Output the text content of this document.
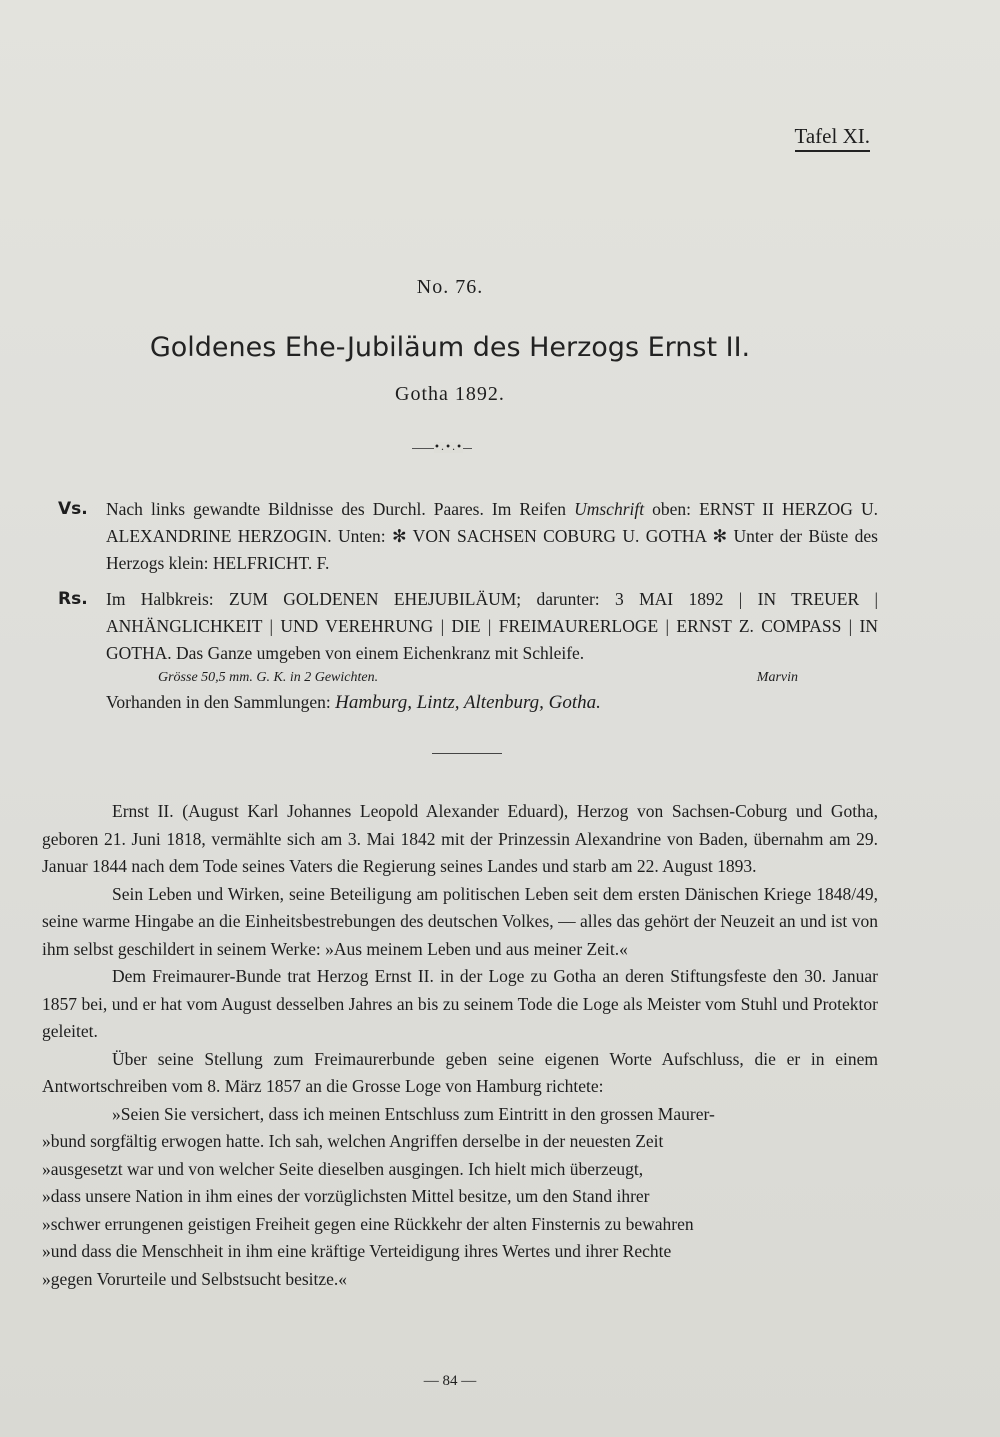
Tafel XI.
No. 76.
Goldenes Ehe-Jubiläum des Herzogs Ernst II.
Gotha 1892.
•.•.•
Vs. Nach links gewandte Bildnisse des Durchl. Paares. Im Reifen Umschrift oben: ERNST II HERZOG U. ALEXANDRINE HERZOGIN. Unten: ✻ VON SACHSEN COBURG U. GOTHA ✻ Unter der Büste des Herzogs klein: HELFRICHT. F.
Rs. Im Halbkreis: ZUM GOLDENEN EHEJUBILÄUM; darunter: 3 MAI 1892 | IN TREUER | ANHÄNGLICHKEIT | UND VEREHRUNG | DIE | FREIMAURERLOGE | ERNST Z. COMPASS | IN GOTHA. Das Ganze umgeben von einem Eichenkranz mit Schleife.
Grösse 50,5 mm. G. K. in 2 Gewichten.	Marvin
Vorhanden in den Sammlungen: Hamburg, Lintz, Altenburg, Gotha.

Ernst II. (August Karl Johannes Leopold Alexander Eduard), Herzog von Sachsen-Coburg und Gotha, geboren 21. Juni 1818, vermählte sich am 3. Mai 1842 mit der Prinzessin Alexandrine von Baden, übernahm am 29. Januar 1844 nach dem Tode seines Vaters die Regierung seines Landes und starb am 22. August 1893.

Sein Leben und Wirken, seine Beteiligung am politischen Leben seit dem ersten Dänischen Kriege 1848/49, seine warme Hingabe an die Einheitsbestrebungen des deutschen Volkes, — alles das gehört der Neuzeit an und ist von ihm selbst geschildert in seinem Werke: »Aus meinem Leben und aus meiner Zeit.«

Dem Freimaurer-Bunde trat Herzog Ernst II. in der Loge zu Gotha an deren Stiftungsfeste den 30. Januar 1857 bei, und er hat vom August desselben Jahres an bis zu seinem Tode die Loge als Meister vom Stuhl und Protektor geleitet.

Über seine Stellung zum Freimaurerbunde geben seine eigenen Worte Aufschluss, die er in einem Antwortschreiben vom 8. März 1857 an die Grosse Loge von Hamburg richtete:

»Seien Sie versichert, dass ich meinen Entschluss zum Eintritt in den grossen Maurer-
»bund sorgfältig erwogen hatte. Ich sah, welchen Angriffen derselbe in der neuesten Zeit
»ausgesetzt war und von welcher Seite dieselben ausgingen. Ich hielt mich überzeugt,
»dass unsere Nation in ihm eines der vorzüglichsten Mittel besitze, um den Stand ihrer
»schwer errungenen geistigen Freiheit gegen eine Rückkehr der alten Finsternis zu bewahren
»und dass die Menschheit in ihm eine kräftige Verteidigung ihres Wertes und ihrer Rechte
»gegen Vorurteile und Selbstsucht besitze.«
— 84 —
